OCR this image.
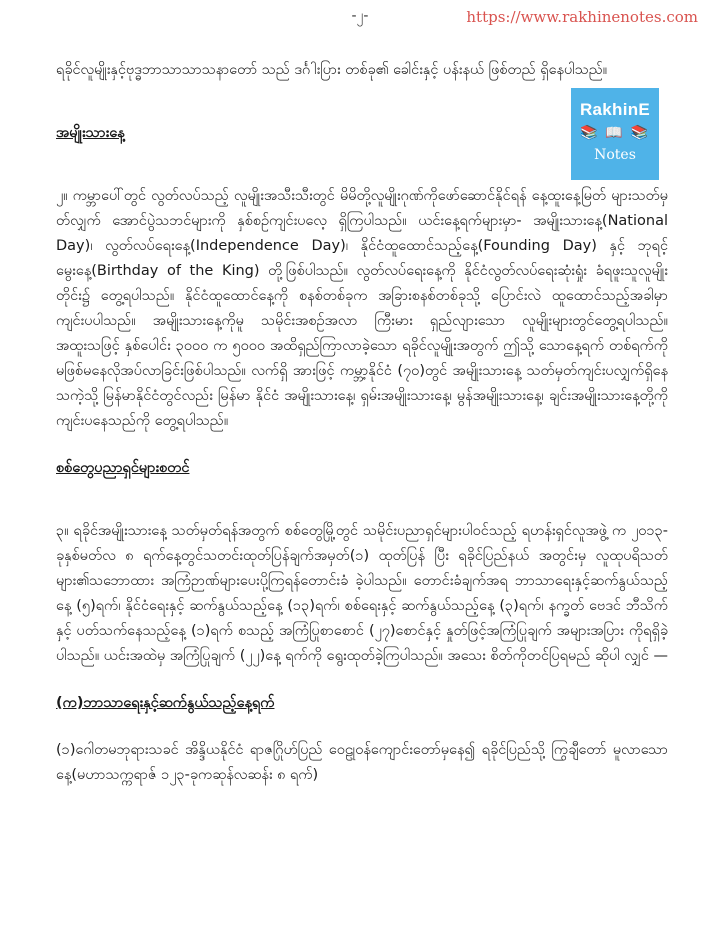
-၂-	https://www.rakhinenotes.com
RakhinE
📚 📖 📚
Notes

ရခိုင်လူမျိုးနှင့်ဗုဒ္ဓဘာသာသာသနာတော် သည် ဒင်္ဂါးပြား တစ်ခု၏ ခေါင်းနှင့် ပန်းနယ် ဖြစ်တည် ရှိနေပါသည်။

အမျိုးသားနေ့

၂။ ကမ္ဘာပေါ်တွင် လွတ်လပ်သည့် လူမျိုးအသီးသီးတွင် မိမိတို့လူမျိုးဂုဏ်ကိုဖော်ဆောင်နိုင်ရန် နေ့ထူးနေ့မြတ် များသတ်မှတ်လျှက် အောင်ပွဲသဘင်များကို နှစ်စဉ်ကျင်းပလေ့ ရှိကြပါသည်။ ယင်းနေ့ရက်များမှာ- အမျိုးသားနေ့(National Day)၊ လွတ်လပ်ရေးနေ့(Independence Day)၊ နိုင်ငံထူထောင်သည့်နေ့(Founding Day) နှင့် ဘုရင့်မွေးနေ့(Birthday of the King) တို့ဖြစ်ပါသည်။ လွတ်လပ်ရေးနေ့ကို နိုင်ငံလွတ်လပ်ရေးဆုံးရှုံး ခံရဖူးသူလူမျိုးတိုင်း၌ တွေ့ရပါသည်။ နိုင်ငံထူထောင်နေ့ကို စနစ်တစ်ခုက အခြားစနစ်တစ်ခုသို့ ပြောင်းလဲ ထူထောင်သည့်အခါမှာ ကျင်းပပါသည်။ အမျိုးသားနေ့ကိုမူ သမိုင်းအစဉ်အလာ ကြီးမား ရှည်လျားသော လူမျိုးများတွင်တွေ့ရပါသည်။ အထူးသဖြင့် နှစ်ပေါင်း ၃၀၀၀ က ၅၀၀၀ အထိရှည်ကြာလာခဲ့သော ရခိုင်လူမျိုးအတွက် ဤသို့ သောနေ့ရက် တစ်ရက်ကို မဖြစ်မနေလိုအပ်လာခြင်းဖြစ်ပါသည်။ လက်ရှိ အားဖြင့် ကမ္ဘာ့နိုင်ငံ (၇၀)တွင် အမျိုးသားနေ့ သတ်မှတ်ကျင်းပလျှက်ရှိနေသကဲ့သို့ မြန်မာနိုင်ငံတွင်လည်း မြန်မာ နိုင်ငံ အမျိုးသားနေ့၊ ရှမ်းအမျိုးသားနေ့၊ မွန်အမျိုးသားနေ့၊ ချင်းအမျိုးသားနေ့တို့ကို ကျင်းပနေသည်ကို တွေ့ရပါသည်။

စစ်တွေပညာရှင်များစတင်

၃။ ရခိုင်အမျိုးသားနေ့ သတ်မှတ်ရန်အတွက် စစ်တွေမြို့တွင် သမိုင်းပညာရှင်များပါဝင်သည့် ရဟန်းရှင်လူအဖွဲ့ က ၂၀၁၃-ခုနှစ်မတ်လ ၈ ရက်နေ့တွင်သတင်းထုတ်ပြန်ချက်အမှတ်(၁) ထုတ်ပြန် ပြီး ရခိုင်ပြည်နယ် အတွင်းမှ လူထုပရိသတ်များ၏သဘောထား အကြံဉာဏ်များပေးပို့ကြရန်တောင်းခံ ခဲ့ပါသည်။ တောင်းခံချက်အရ ဘာသာရေးနှင့်ဆက်နွယ်သည့်နေ့ (၅)ရက်၊ နိုင်ငံရေးနှင့် ဆက်နွယ်သည့်နေ့ (၁၃)ရက်၊ စစ်ရေးနှင့် ဆက်နွယ်သည့်နေ့ (၃)ရက်၊ နက္ခတ် ဗေဒင် ဘီသိက်နှင့် ပတ်သက်နေသည့်နေ့ (၁)ရက် စသည့် အကြံပြုစာစောင် (၂၇)စောင်နှင့် နှုတ်ဖြင့်အကြံပြုချက် အများအပြား ကိုရရှိခဲ့ပါသည်။ ယင်းအထဲမှ အကြံပြုချက် (၂၂)နေ့ ရက်ကို ရွေးထုတ်ခဲ့ကြပါသည်။ အသေး စိတ်ကိုတင်ပြရမည် ဆိုပါ လျှင် —

(က)ဘာသာရေးနှင့်ဆက်နွယ်သည့်နေ့ရက်

(၁)ဂေါတမဘုရားသခင် အိန္ဒိယနိုင်ငံ ရာဇဂြိုဟ်ပြည် ဝေဠုဝန်ကျောင်းတော်မှနေ၍ ရခိုင်ပြည်သို့ ကြွချီတော် မူလာသောနေ့(မဟာသက္ကရာဇ် ၁၂၃-ခုကဆုန်လဆန်း ၈ ရက်)
